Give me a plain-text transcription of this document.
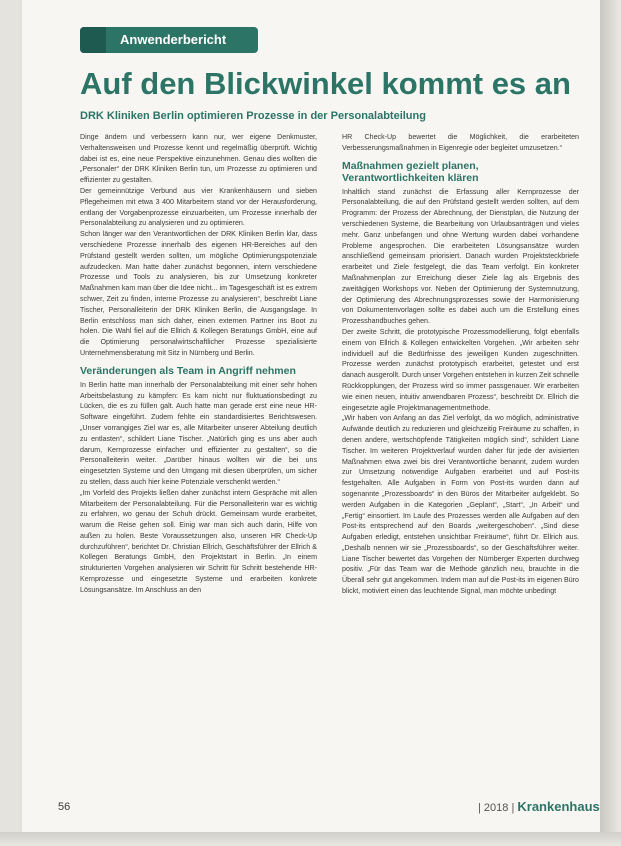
Anwenderbericht
Auf den Blickwinkel kommt es an
DRK Kliniken Berlin optimieren Prozesse in der Personalabteilung

Dinge ändern und verbessern kann nur, wer eigene Denkmuster, Verhaltensweisen und Prozesse kennt und regelmäßig überprüft. Wichtig dabei ist es, eine neue Perspektive einzunehmen. Genau dies wollten die „Personaler“ der DRK Kliniken Berlin tun, um Prozesse zu optimieren und effizienter zu gestalten.

Der gemeinnützige Verbund aus vier Krankenhäusern und sieben Pflegeheimen mit etwa 3 400 Mitarbeitern stand vor der Herausforderung, entlang der Vorgabenprozesse einzuarbeiten, um Prozesse innerhalb der Personalabteilung zu analysieren und zu optimieren.

Schon länger war den Verantwortlichen der DRK Kliniken Berlin klar, dass verschiedene Prozesse innerhalb des eigenen HR-Bereiches auf den Prüfstand gestellt werden sollten, um mögliche Optimierungspotenziale aufzudecken. Man hatte daher zunächst begonnen, intern verschiedene Prozesse und Tools zu analysieren, bis zur Umsetzung konkreter Maßnahmen kam man über die Idee nicht... im Tagesgeschäft ist es extrem schwer, Zeit zu finden, interne Prozesse zu analysieren“, beschreibt Liane Tischer, Personalleiterin der DRK Kliniken Berlin, die Ausgangslage. In Berlin entschloss man sich daher, einen externen Partner ins Boot zu holen. Die Wahl fiel auf die Ellrich & Kollegen Beratungs GmbH, eine auf die Optimierung personalwirtschaftlicher Prozesse spezialisierte Unternehmensberatung mit Sitz in Nürnberg und Berlin.

Veränderungen als Team in Angriff nehmen

In Berlin hatte man innerhalb der Personalabteilung mit einer sehr hohen Arbeitsbelastung zu kämpfen: Es kam nicht nur fluktuationsbedingt zu Lücken, die es zu füllen galt. Auch hatte man gerade erst eine neue HR-Software eingeführt. Zudem fehlte ein standardisiertes Berichtswesen. „Unser vorrangiges Ziel war es, alle Mitarbeiter unserer Abteilung deutlich zu entlasten“, schildert Liane Tischer. „Natürlich ging es uns aber auch darum, Kernprozesse einfacher und effizienter zu gestalten“, so die Personalleiterin weiter. „Darüber hinaus wollten wir die bei uns eingesetzten Systeme und den Umgang mit diesen überprüfen, um sicher zu stellen, dass auch hier keine Potenziale verschenkt werden.“

„Im Vorfeld des Projekts ließen daher zunächst intern Gespräche mit allen Mitarbeitern der Personalabteilung. Für die Personalleiterin war es wichtig zu erfahren, wo genau der Schuh drückt. Gemeinsam wurde erarbeitet, warum die Reise gehen soll. Einig war man sich auch darin, Hilfe von außen zu holen. Beste Voraussetzungen also, unseren HR Check-Up durchzuführen“, berichtet Dr. Christian Ellrich, Geschäftsführer der Ellrich & Kollegen Beratungs GmbH, den Projektstart in Berlin. „In einem strukturierten Vorgehen analysieren wir Schritt für Schritt bestehende HR-Kernprozesse und eingesetzte Systeme und erarbeiten konkrete Lösungsansätze. Im Anschluss an den

HR Check-Up bewertet die Möglichkeit, die erarbeiteten Verbesserungsmaßnahmen in Eigenregie oder begleitet umzusetzen.“

Maßnahmen gezielt planen, Verantwortlichkeiten klären

Inhaltlich stand zunächst die Erfassung aller Kernprozesse der Personalabteilung, die auf den Prüfstand gestellt werden sollten, auf dem Programm: der Prozess der Abrechnung, der Dienstplan, die Nutzung der verschiedenen Systeme, die Bearbeitung von Urlaubsanträgen und vieles mehr. Ganz unbefangen und ohne Wertung wurden dabei vorhandene Probleme angesprochen. Die erarbeiteten Lösungsansätze wurden anschließend gemeinsam priorisiert. Danach wurden Projektsteckbriefe erarbeitet und Ziele festgelegt, die das Team verfolgt. Ein konkreter Maßnahmenplan zur Erreichung dieser Ziele lag als Ergebnis des zweitägigen Workshops vor. Neben der Optimierung der Systemnutzung, der Optimierung des Abrechnungsprozesses sowie der Harmonisierung von Dokumentenvorlagen sollte es dabei auch um die Erstellung eines Prozesshandbuches gehen.

Der zweite Schritt, die prototypische Prozessmodellierung, folgt ebenfalls einem von Ellrich & Kollegen entwickelten Vorgehen. „Wir arbeiten sehr individuell auf die Bedürfnisse des jeweiligen Kunden zugeschnitten. Prozesse werden zunächst prototypisch erarbeitet, getestet und erst danach ausgerollt. Durch unser Vorgehen entstehen in kurzen Zeit schnelle Rückkopplungen, der Prozess wird so immer passgenauer. Wir erarbeiten wie einen neuen, intuitiv anwendbaren Prozess“, beschreibt Dr. Ellrich die eingesetzte agile Projektmanagementmethode.

„Wir haben von Anfang an das Ziel verfolgt, da wo möglich, administrative Aufwände deutlich zu reduzieren und gleichzeitig Freiräume zu schaffen, in denen andere, wertschöpfende Tätigkeiten möglich sind“, schildert Liane Tischer. Im weiteren Projektverlauf wurden daher für jede der avisierten Maßnahmen etwa zwei bis drei Verantwortliche benannt, zudem wurden zur Umsetzung notwendige Aufgaben erarbeitet und auf Post-its festgehalten. Alle Aufgaben in Form von Post-its wurden dann auf sogenannte „Prozessboards“ in den Büros der Mitarbeiter aufgeklebt. So werden Aufgaben in die Kategorien „Geplant“, „Start“, „In Arbeit“ und „Fertig“ einsortiert. Im Laufe des Prozesses werden alle Aufgaben auf den Post-its entsprechend auf den Boards „weitergeschoben“. „Sind diese Aufgaben erledigt, entstehen unsichtbar Freiräume“, führt Dr. Ellrich aus. „Deshalb nennen wir sie „Prozessboards“, so der Geschäftsführer weiter. Liane Tischer bewertet das Vorgehen der Nürnberger Experten durchweg positiv. „Für das Team war die Methode gänzlich neu, brauchte in die Überall sehr gut angekommen. Indem man auf die Post-its im eigenen Büro blickt, motiviert einen das leuchtende Signal, man möchte unbedingt

56	| 2018 | Krankenhaus
